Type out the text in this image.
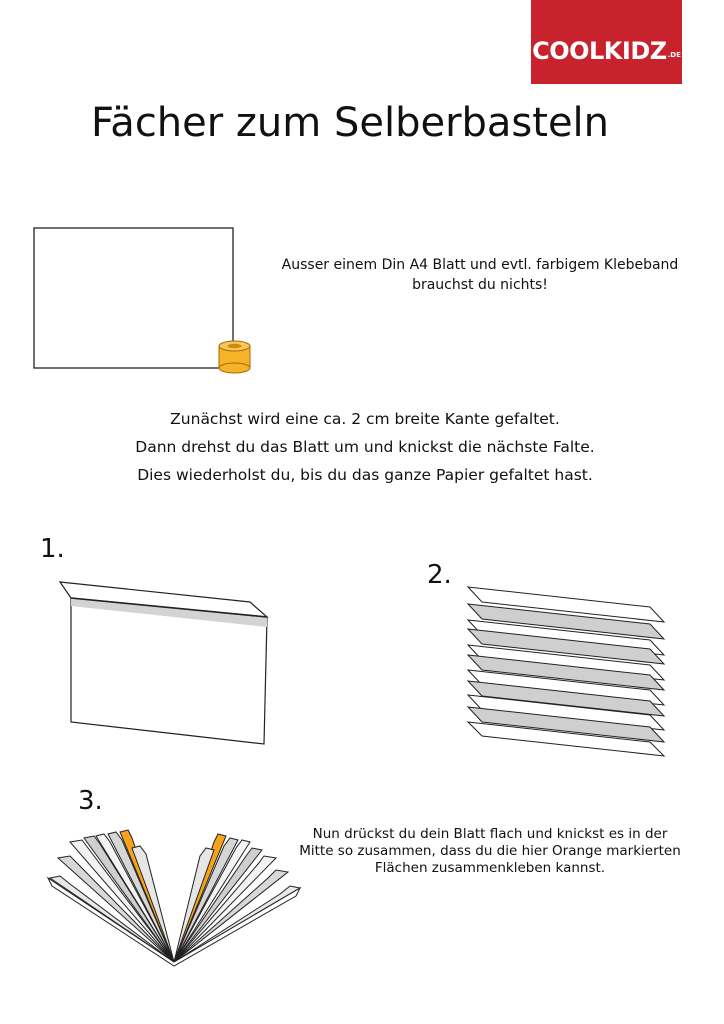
COOLKIDZ .DE
Fächer zum Selberbasteln
Ausser einem Din A4 Blatt und evtl. farbigem Klebeband
brauchst du nichts!
Zunächst wird eine ca. 2 cm breite Kante gefaltet.
Dann drehst du das Blatt um und knickst die nächste Falte.
Dies wiederholst du, bis du das ganze Papier gefaltet hast.
1.
2.
3.
Nun drückst du dein Blatt flach und knickst es in der
Mitte so zusammen, dass du die hier Orange markierten
Flächen zusammenkleben kannst.
